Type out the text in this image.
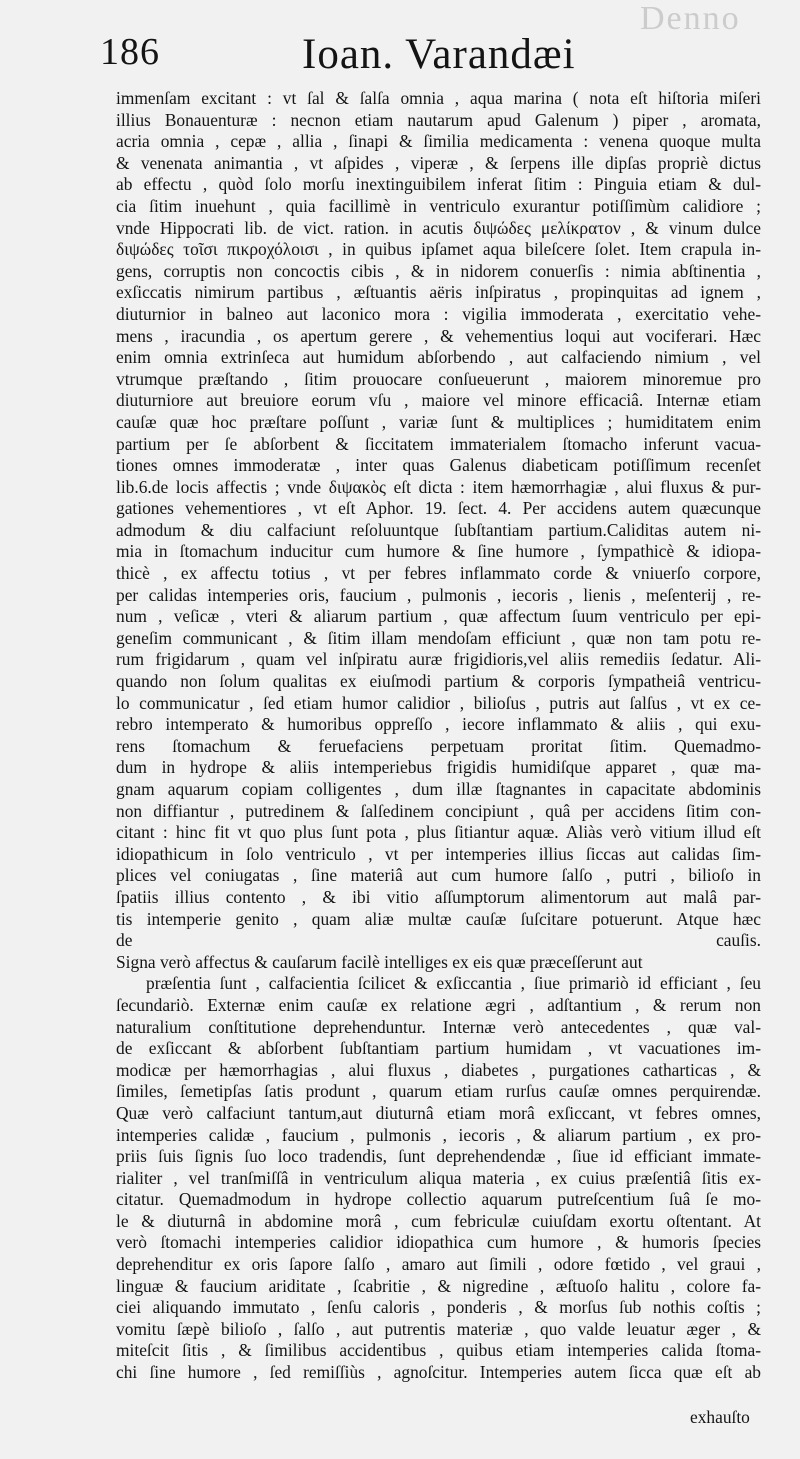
Denno
186	Ioan. Varandæi
immenſam excitant : vt ſal & ſalſa omnia , aqua marina ( nota eſt hiſtoria miſeri
illius Bonauenturæ : necnon etiam nautarum apud Galenum ) piper , aromata,
acria omnia , cepæ , allia , ſinapi & ſimilia medicamenta : venena quoque multa
& venenata animantia , vt aſpides , viperæ , & ſerpens ille dipſas propriè dictus
ab effectu , quòd ſolo morſu inextinguibilem inferat ſitim : Pinguia etiam & dul-
cia ſitim inuehunt , quia facillimè in ventriculo exurantur potiſſimùm calidiore ;
vnde Hippocrati lib. de vict. ration. in acutis διψώδες μελίκρατον , & vinum dulce
διψώδες τοῖσι πικροχόλοισι , in quibus ipſamet aqua bileſcere ſolet. Item crapula in-
gens, corruptis non concoctis cibis , & in nidorem conuerſis : nimia abſtinentia ,
exſiccatis nimirum partibus , æſtuantis aëris inſpiratus , propinquitas ad ignem ,
diuturnior in balneo aut laconico mora : vigilia immoderata , exercitatio vehe-
mens , iracundia , os apertum gerere , & vehementius loqui aut vociferari. Hæc
enim omnia extrinſeca aut humidum abſorbendo , aut calfaciendo nimium , vel
vtrumque præſtando , ſitim prouocare conſueuerunt , maiorem minoremue pro
diuturniore aut breuiore eorum vſu , maiore vel minore efficaciâ. Internæ etiam
cauſæ quæ hoc præſtare poſſunt , variæ ſunt & multiplices ; humiditatem enim
partium per ſe abſorbent & ſiccitatem immaterialem ſtomacho inferunt vacua-
tiones omnes immoderatæ , inter quas Galenus diabeticam potiſſimum recenſet
lib.6.de locis affectis ; vnde διψακὸς eſt dicta : item hæmorrhagiæ , alui fluxus & pur-
gationes vehementiores , vt eſt Aphor. 19. ſect. 4. Per accidens autem quæcunque
admodum & diu calfaciunt reſoluuntque ſubſtantiam partium.Caliditas autem ni-
mia in ſtomachum inducitur cum humore & ſine humore , ſympathicè & idiopa-
thicè , ex affectu totius , vt per febres inflammato corde & vniuerſo corpore,
per calidas intemperies oris, faucium , pulmonis , iecoris , lienis , meſenterij , re-
num , veſicæ , vteri & aliarum partium , quæ affectum ſuum ventriculo per epi-
geneſim communicant , & ſitim illam mendoſam efficiunt , quæ non tam potu re-
rum frigidarum , quam vel inſpiratu auræ frigidioris,vel aliis remediis ſedatur. Ali-
quando non ſolum qualitas ex eiuſmodi partium & corporis ſympatheiâ ventricu-
lo communicatur , ſed etiam humor calidior , bilioſus , putris aut ſalſus , vt ex ce-
rebro intemperato & humoribus oppreſſo , iecore inflammato & aliis , qui exu-
rens ſtomachum & feruefaciens perpetuam proritat ſitim. Quemadmo-
dum in hydrope & aliis intemperiebus frigidis humidiſque apparet , quæ ma-
gnam aquarum copiam colligentes , dum illæ ſtagnantes in capacitate abdominis
non diffiantur , putredinem & ſalſedinem concipiunt , quâ per accidens ſitim con-
citant : hinc fit vt quo plus ſunt pota , plus ſitiantur aquæ. Aliàs verò vitium illud eſt
idiopathicum in ſolo ventriculo , vt per intemperies illius ſiccas aut calidas ſim-
plices vel coniugatas , ſine materiâ aut cum humore ſalſo , putri , bilioſo in
ſpatiis illius contento , & ibi vitio aſſumptorum alimentorum aut malâ par-
tis intemperie genito , quam aliæ multæ cauſæ ſuſcitare potuerunt. Atque hæc
de cauſis.
Signa verò affectus & cauſarum facilè intelliges ex eis quæ præceſſerunt aut
præſentia ſunt , calfacientia ſcilicet & exſiccantia , ſiue primariò id efficiant , ſeu
ſecundariò. Externæ enim cauſæ ex relatione ægri , adſtantium , & rerum non
naturalium conſtitutione deprehenduntur. Internæ verò antecedentes , quæ val-
de exſiccant & abſorbent ſubſtantiam partium humidam , vt vacuationes im-
modicæ per hæmorrhagias , alui fluxus , diabetes , purgationes catharticas , &
ſimiles, ſemetipſas ſatis produnt , quarum etiam rurſus cauſæ omnes perquirendæ.
Quæ verò calfaciunt tantum,aut diuturnâ etiam morâ exſiccant, vt febres omnes,
intemperies calidæ , faucium , pulmonis , iecoris , & aliarum partium , ex pro-
priis ſuis ſignis ſuo loco tradendis, ſunt deprehendendæ , ſiue id efficiant immate-
rialiter , vel tranſmiſſâ in ventriculum aliqua materia , ex cuius præſentiâ ſitis ex-
citatur. Quemadmodum in hydrope collectio aquarum putreſcentium ſuâ ſe mo-
le & diuturnâ in abdomine morâ , cum febriculæ cuiuſdam exortu oſtentant. At
verò ſtomachi intemperies calidior idiopathica cum humore , & humoris ſpecies
deprehenditur ex oris ſapore ſalſo , amaro aut ſimili , odore fœtido , vel graui ,
linguæ & faucium ariditate , ſcabritie , & nigredine , æſtuoſo halitu , colore fa-
ciei aliquando immutato , ſenſu caloris , ponderis , & morſus ſub nothis coſtis ;
vomitu ſæpè bilioſo , ſalſo , aut putrentis materiæ , quo valde leuatur æger , &
miteſcit ſitis , & ſimilibus accidentibus , quibus etiam intemperies calida ſtoma-
chi ſine humore , ſed remiſſiùs , agnoſcitur. Intemperies autem ſicca quæ eſt ab
exhauſto
